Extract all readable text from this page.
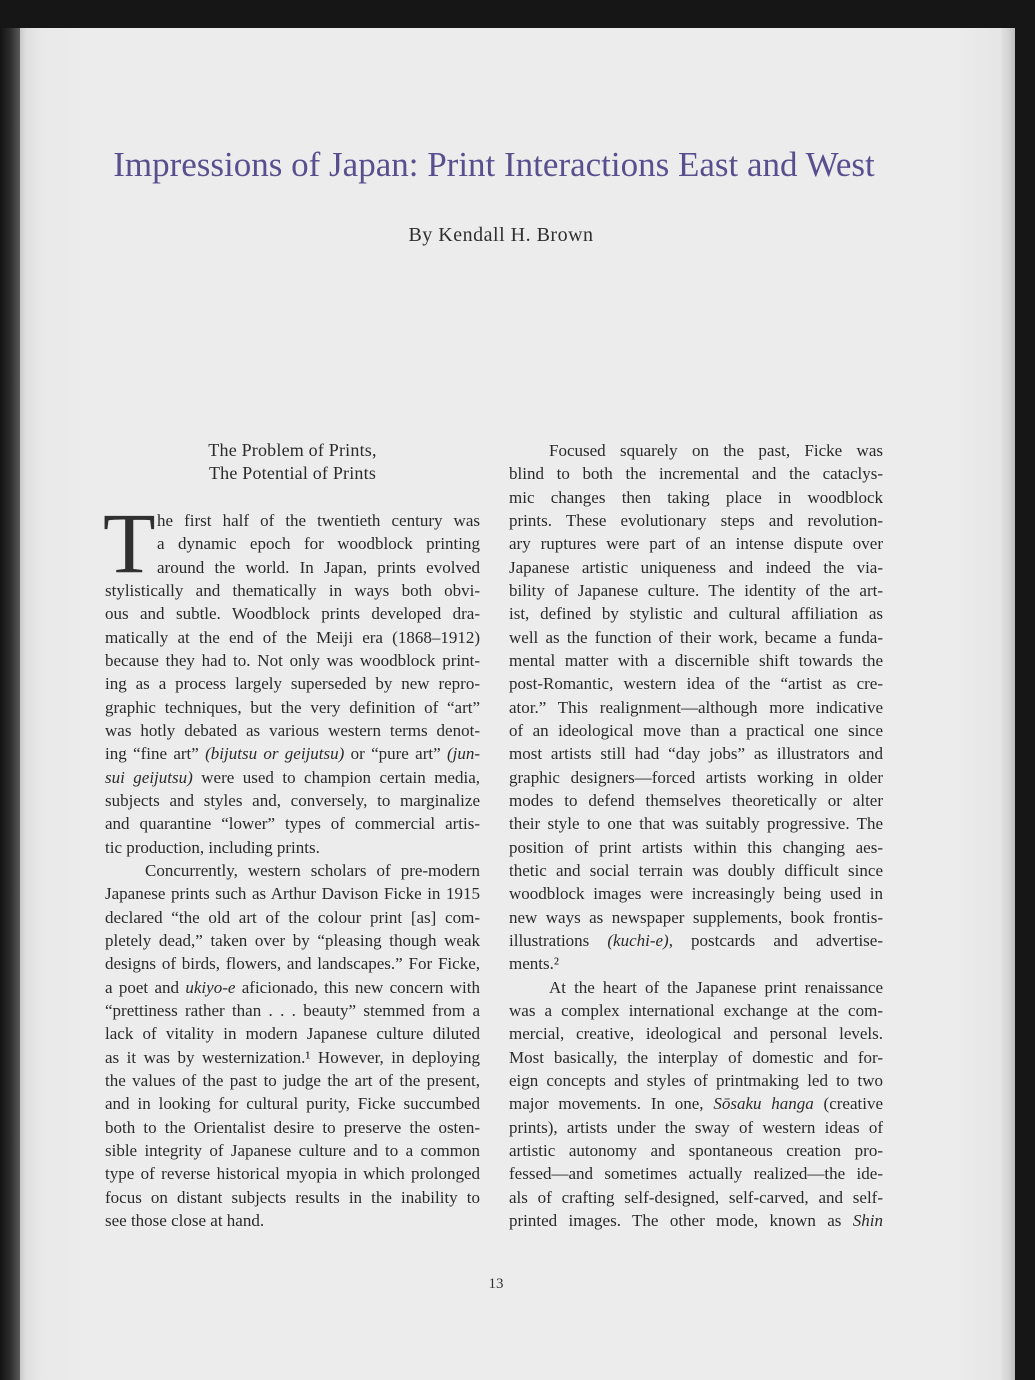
Impressions of Japan: Print Interactions East and West
By Kendall H. Brown
The Problem of Prints,
The Potential of Prints
T he first half of the twentieth century was
a dynamic epoch for woodblock printing
around the world. In Japan, prints evolved
stylistically and thematically in ways both obvi-
ous and subtle. Woodblock prints developed dra-
matically at the end of the Meiji era (1868–1912)
because they had to. Not only was woodblock print-
ing as a process largely superseded by new repro-
graphic techniques, but the very definition of “art”
was hotly debated as various western terms denot-
ing “fine art” (bijutsu or geijutsu) or “pure art” (jun-
sui geijutsu) were used to champion certain media,
subjects and styles and, conversely, to marginalize
and quarantine “lower” types of commercial artis-
tic production, including prints.
Concurrently, western scholars of pre-modern
Japanese prints such as Arthur Davison Ficke in 1915
declared “the old art of the colour print [as] com-
pletely dead,” taken over by “pleasing though weak
designs of birds, flowers, and landscapes.” For Ficke,
a poet and ukiyo-e aficionado, this new concern with
“prettiness rather than . . . beauty” stemmed from a
lack of vitality in modern Japanese culture diluted
as it was by westernization.¹ However, in deploying
the values of the past to judge the art of the present,
and in looking for cultural purity, Ficke succumbed
both to the Orientalist desire to preserve the osten-
sible integrity of Japanese culture and to a common
type of reverse historical myopia in which prolonged
focus on distant subjects results in the inability to
see those close at hand.
Focused squarely on the past, Ficke was
blind to both the incremental and the cataclys-
mic changes then taking place in woodblock
prints. These evolutionary steps and revolution-
ary ruptures were part of an intense dispute over
Japanese artistic uniqueness and indeed the via-
bility of Japanese culture. The identity of the art-
ist, defined by stylistic and cultural affiliation as
well as the function of their work, became a funda-
mental matter with a discernible shift towards the
post-Romantic, western idea of the “artist as cre-
ator.” This realignment—although more indicative
of an ideological move than a practical one since
most artists still had “day jobs” as illustrators and
graphic designers—forced artists working in older
modes to defend themselves theoretically or alter
their style to one that was suitably progressive. The
position of print artists within this changing aes-
thetic and social terrain was doubly difficult since
woodblock images were increasingly being used in
new ways as newspaper supplements, book frontis-
illustrations (kuchi-e), postcards and advertise-
ments.²
At the heart of the Japanese print renaissance
was a complex international exchange at the com-
mercial, creative, ideological and personal levels.
Most basically, the interplay of domestic and for-
eign concepts and styles of printmaking led to two
major movements. In one, Sōsaku hanga (creative
prints), artists under the sway of western ideas of
artistic autonomy and spontaneous creation pro-
fessed—and sometimes actually realized—the ide-
als of crafting self-designed, self-carved, and self-
printed images. The other mode, known as Shin
13
